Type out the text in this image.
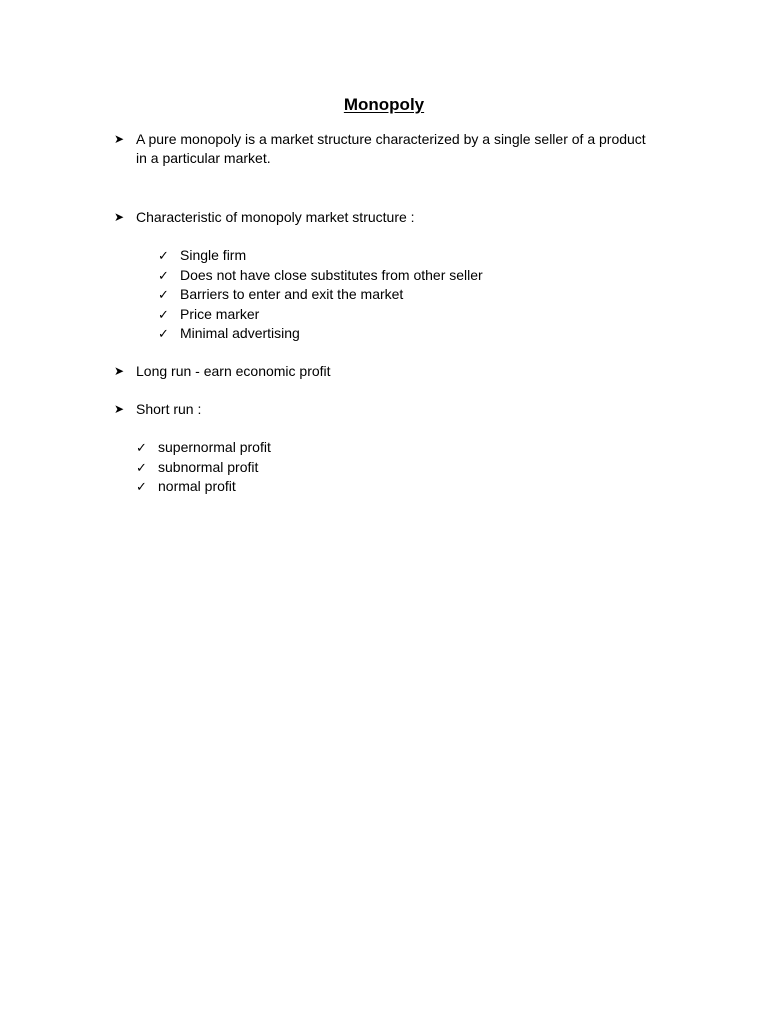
Monopoly
➤ A pure monopoly is a market structure characterized by a single seller of a product in a particular market.
➤ Characteristic of monopoly market structure :
✓ Single firm
✓ Does not have close substitutes from other seller
✓ Barriers to enter and exit the market
✓ Price marker
✓ Minimal advertising
➤ Long run - earn economic profit
➤ Short run :
✓ supernormal profit
✓ subnormal profit
✓ normal profit
